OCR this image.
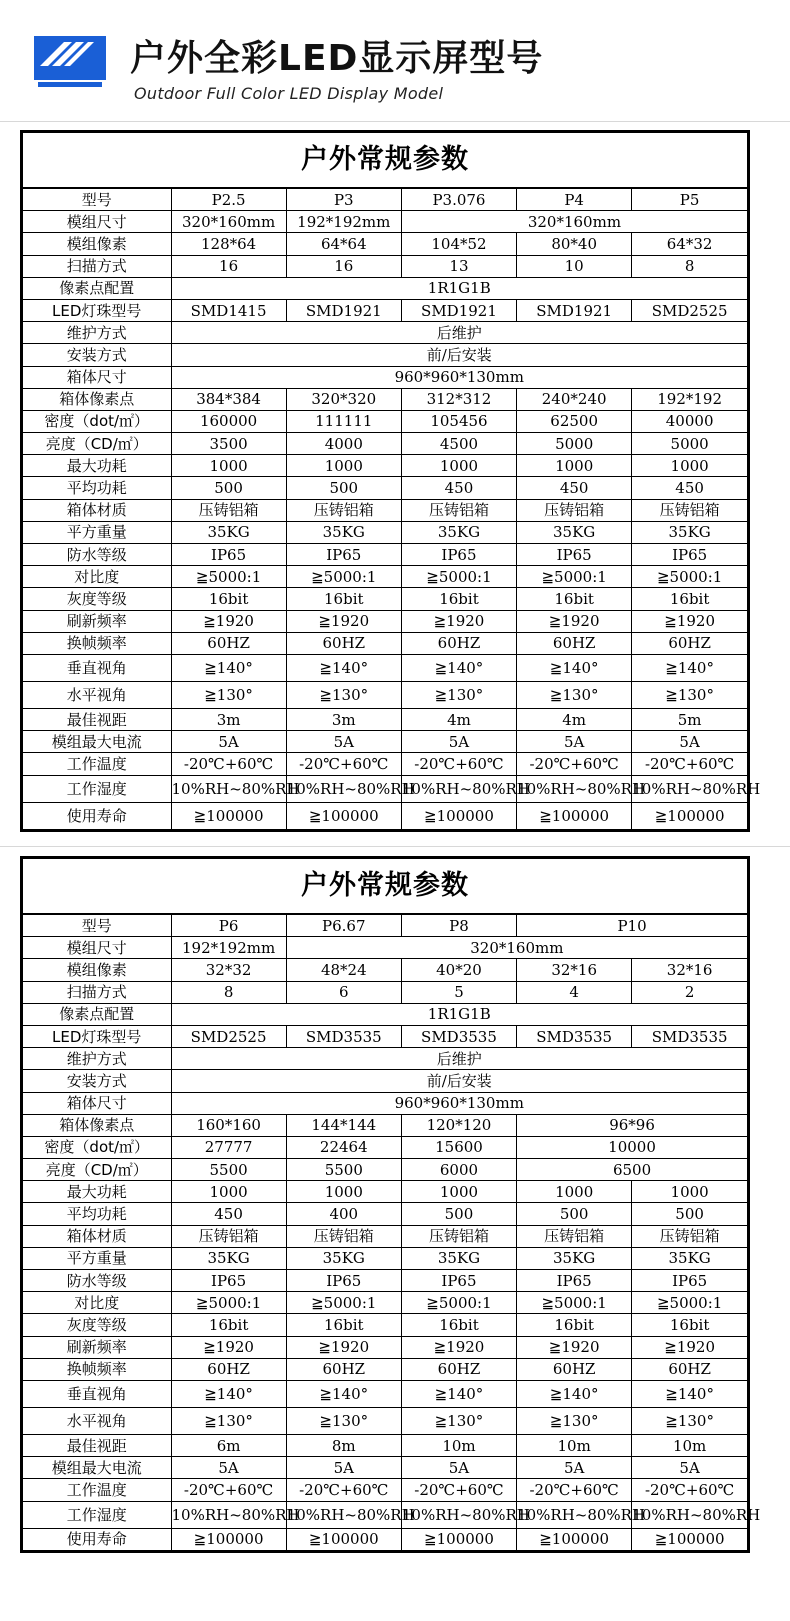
户外全彩LED显示屏型号
Outdoor Full Color LED Display Model
户外常规参数
型号	P2.5	P3	P3.076	P4	P5
模组尺寸	320*160mm	192*192mm	320*160mm		
模组像素	128*64	64*64	104*52	80*40	64*32
扫描方式	16	16	13	10	8
像素点配置	1R1G1B				
LED灯珠型号	SMD1415	SMD1921	SMD1921	SMD1921	SMD2525
维护方式	后维护				
安装方式	前/后安装				
箱体尺寸	960*960*130mm				
箱体像素点	384*384	320*320	312*312	240*240	192*192
密度（dot/㎡）	160000	111111	105456	62500	40000
亮度（CD/㎡）	3500	4000	4500	5000	5000
最大功耗	1000	1000	1000	1000	1000
平均功耗	500	500	450	450	450
箱体材质	压铸铝箱	压铸铝箱	压铸铝箱	压铸铝箱	压铸铝箱
平方重量	35KG	35KG	35KG	35KG	35KG
防水等级	IP65	IP65	IP65	IP65	IP65
对比度	≧5000:1	≧5000:1	≧5000:1	≧5000:1	≧5000:1
灰度等级	16bit	16bit	16bit	16bit	16bit
刷新频率	≧1920	≧1920	≧1920	≧1920	≧1920
换帧频率	60HZ	60HZ	60HZ	60HZ	60HZ
垂直视角	≧140°	≧140°	≧140°	≧140°	≧140°
水平视角	≧130°	≧130°	≧130°	≧130°	≧130°
最佳视距	3m	3m	4m	4m	5m
模组最大电流	5A	5A	5A	5A	5A
工作温度	-20℃+60℃	-20℃+60℃	-20℃+60℃	-20℃+60℃	-20℃+60℃
工作湿度	10%RH~80%RH	10%RH~80%RH	10%RH~80%RH	10%RH~80%RH	10%RH~80%RH
使用寿命	≧100000	≧100000	≧100000	≧100000	≧100000
户外常规参数
型号	P6	P6.67	P8	P10	
模组尺寸	192*192mm	320*160mm			
模组像素	32*32	48*24	40*20	32*16	32*16
扫描方式	8	6	5	4	2
像素点配置	1R1G1B				
LED灯珠型号	SMD2525	SMD3535	SMD3535	SMD3535	SMD3535
维护方式	后维护				
安装方式	前/后安装				
箱体尺寸	960*960*130mm				
箱体像素点	160*160	144*144	120*120	96*96	
密度（dot/㎡）	27777	22464	15600	10000	
亮度（CD/㎡）	5500	5500	6000	6500	
最大功耗	1000	1000	1000	1000	1000
平均功耗	450	400	500	500	500
箱体材质	压铸铝箱	压铸铝箱	压铸铝箱	压铸铝箱	压铸铝箱
平方重量	35KG	35KG	35KG	35KG	35KG
防水等级	IP65	IP65	IP65	IP65	IP65
对比度	≧5000:1	≧5000:1	≧5000:1	≧5000:1	≧5000:1
灰度等级	16bit	16bit	16bit	16bit	16bit
刷新频率	≧1920	≧1920	≧1920	≧1920	≧1920
换帧频率	60HZ	60HZ	60HZ	60HZ	60HZ
垂直视角	≧140°	≧140°	≧140°	≧140°	≧140°
水平视角	≧130°	≧130°	≧130°	≧130°	≧130°
最佳视距	6m	8m	10m	10m	10m
模组最大电流	5A	5A	5A	5A	5A
工作温度	-20℃+60℃	-20℃+60℃	-20℃+60℃	-20℃+60℃	-20℃+60℃
工作湿度	10%RH~80%RH	10%RH~80%RH	10%RH~80%RH	10%RH~80%RH	10%RH~80%RH
使用寿命	≧100000	≧100000	≧100000	≧100000	≧100000
